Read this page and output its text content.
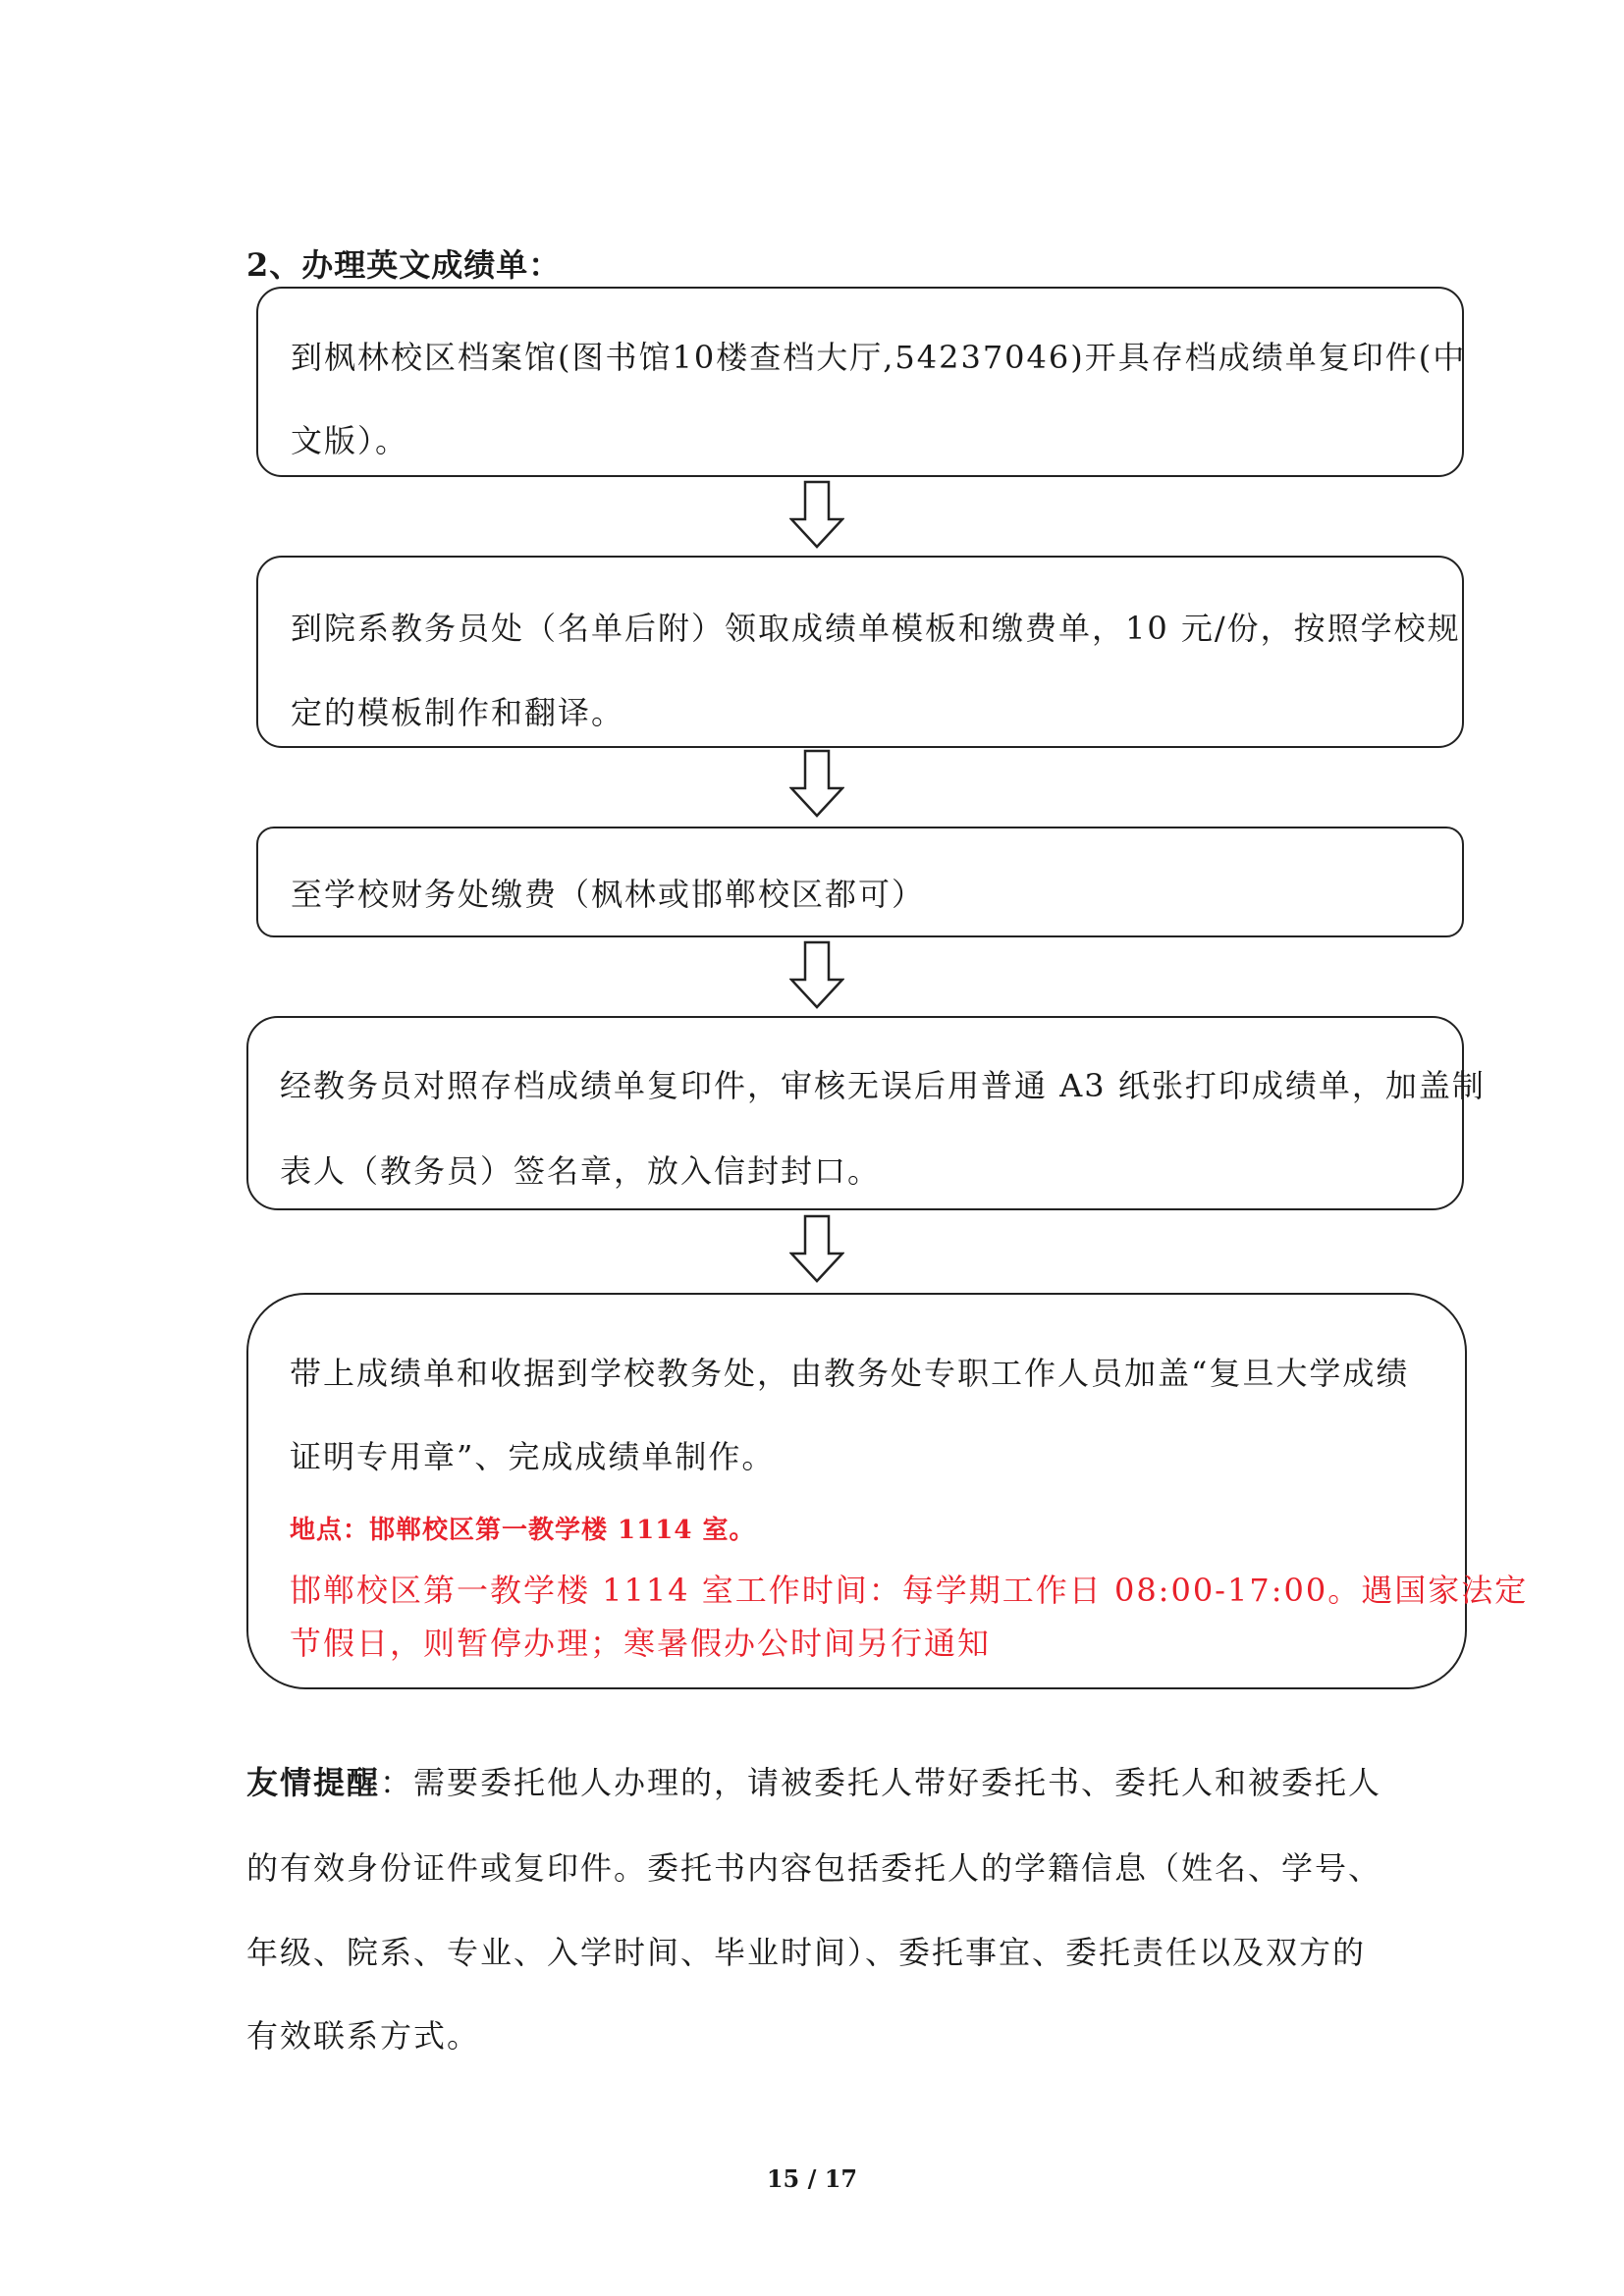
2、办理英文成绩单：
到枫林校区档案馆(图书馆10楼查档大厅,54237046)开具存档成绩单复印件(中
文版）。
到院系教务员处（名单后附）领取成绩单模板和缴费单，10 元/份，按照学校规
定的模板制作和翻译。
至学校财务处缴费（枫林或邯郸校区都可）
经教务员对照存档成绩单复印件，审核无误后用普通 A3 纸张打印成绩单，加盖制
表人（教务员）签名章，放入信封封口。
带上成绩单和收据到学校教务处，由教务处专职工作人员加盖“复旦大学成绩
证明专用章”、完成成绩单制作。
地点：邯郸校区第一教学楼 1114 室。
邯郸校区第一教学楼 1114 室工作时间：每学期工作日 08:00-17:00。遇国家法定
节假日，则暂停办理；寒暑假办公时间另行通知
友情提醒：需要委托他人办理的，请被委托人带好委托书、委托人和被委托人
的有效身份证件或复印件。委托书内容包括委托人的学籍信息（姓名、学号、
年级、院系、专业、入学时间、毕业时间）、委托事宜、委托责任以及双方的
有效联系方式。
15 / 17
